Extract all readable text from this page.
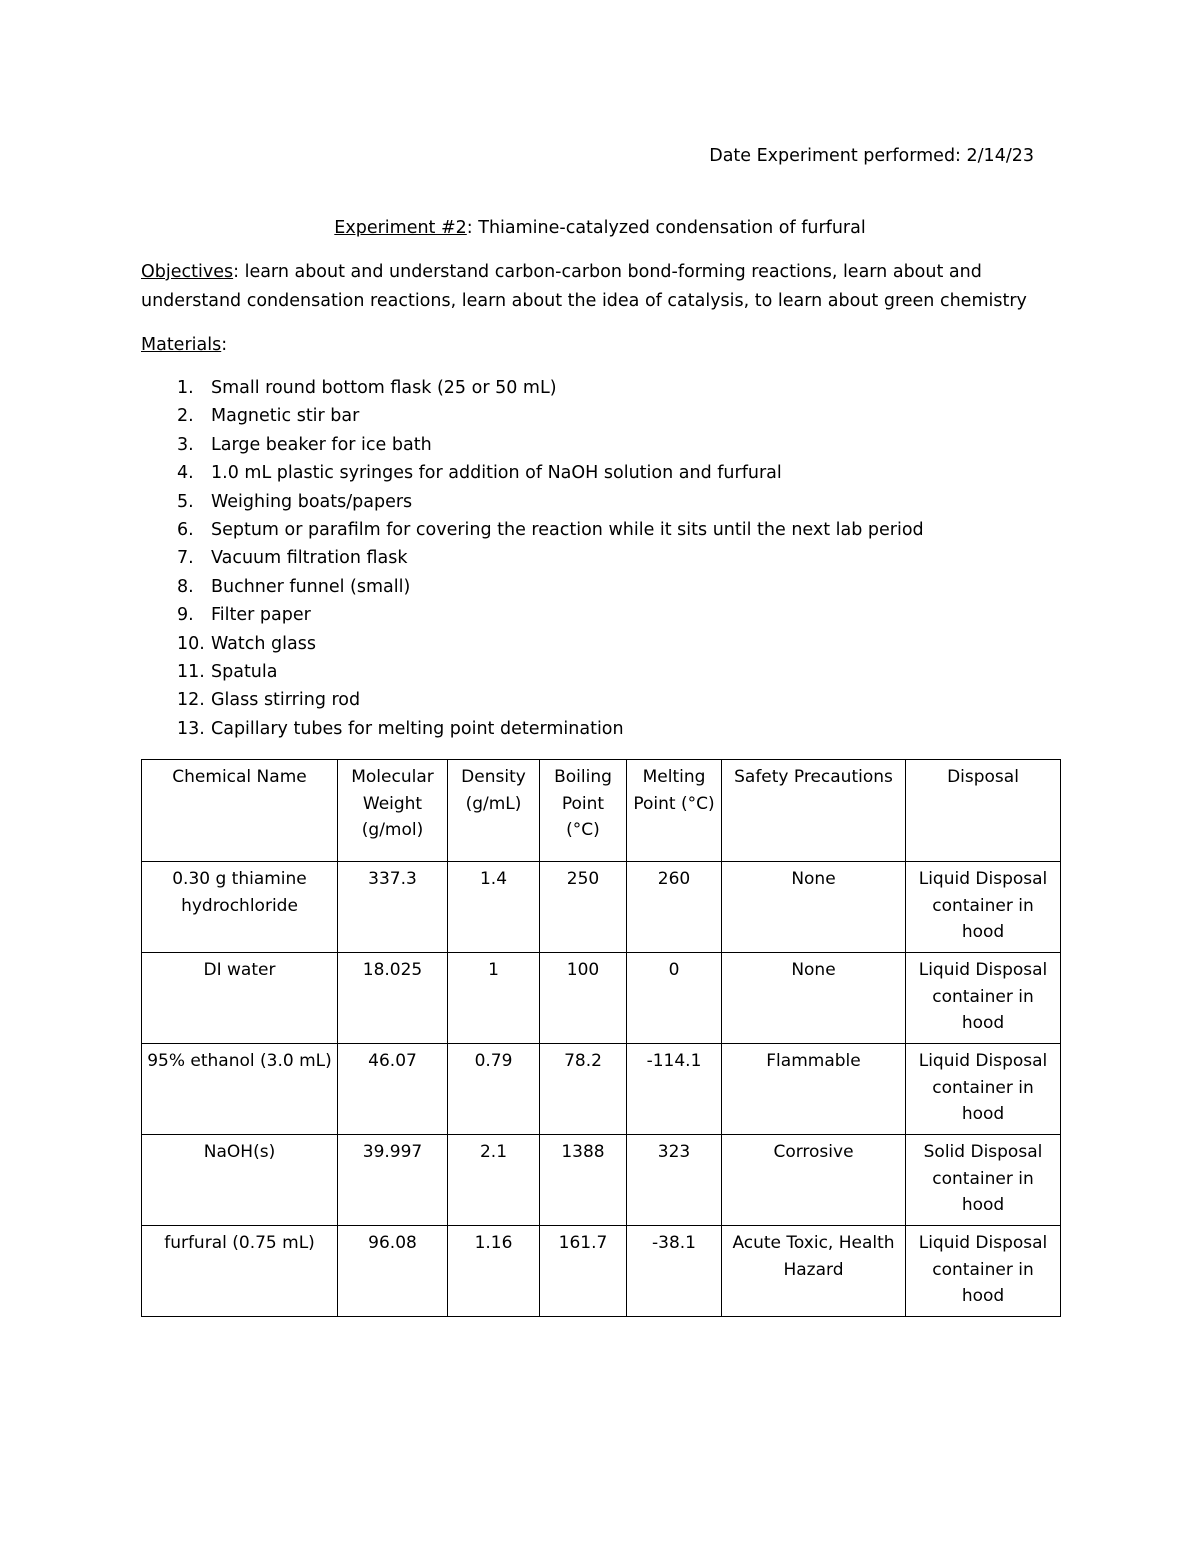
Date Experiment performed: 2/14/23
Experiment #2: Thiamine-catalyzed condensation of furfural
Objectives: learn about and understand carbon-carbon bond-forming reactions, learn about and understand condensation reactions, learn about the idea of catalysis, to learn about green chemistry
Materials:
1. Small round bottom flask (25 or 50 mL)
2. Magnetic stir bar
3. Large beaker for ice bath
4. 1.0 mL plastic syringes for addition of NaOH solution and furfural
5. Weighing boats/papers
6. Septum or parafilm for covering the reaction while it sits until the next lab period
7. Vacuum filtration flask
8. Buchner funnel (small)
9. Filter paper
10. Watch glass
11. Spatula
12. Glass stirring rod
13. Capillary tubes for melting point determination
Chemical Name	Molecular Weight (g/mol)	Density (g/mL)	Boiling Point (°C)	Melting Point (°C)	Safety Precautions	Disposal
0.30 g thiamine hydrochloride	337.3	1.4	250	260	None	Liquid Disposal container in hood
DI water	18.025	1	100	0	None	Liquid Disposal container in hood
95% ethanol (3.0 mL)	46.07	0.79	78.2	-114.1	Flammable	Liquid Disposal container in hood
NaOH(s)	39.997	2.1	1388	323	Corrosive	Solid Disposal container in hood
furfural (0.75 mL)	96.08	1.16	161.7	-38.1	Acute Toxic, Health Hazard	Liquid Disposal container in hood
